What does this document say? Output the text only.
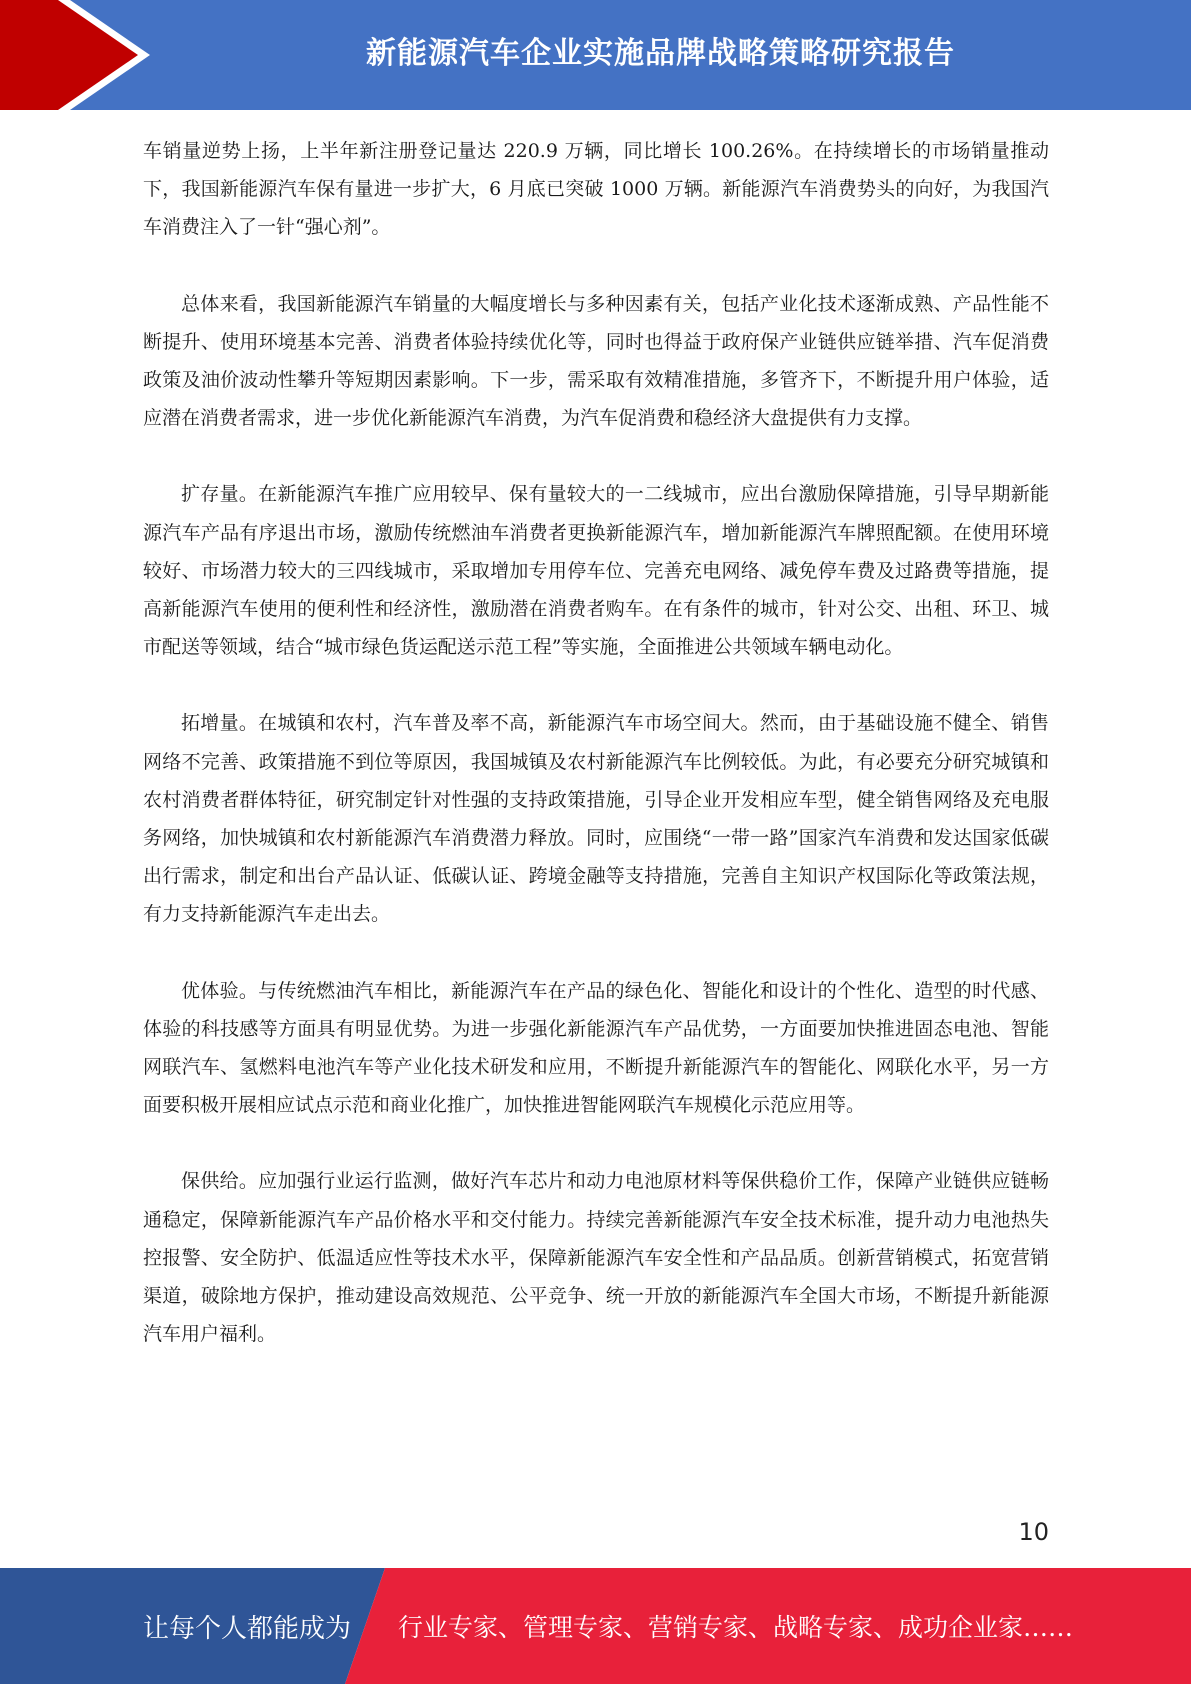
新能源汽车企业实施品牌战略策略研究报告

车销量逆势上扬，上半年新注册登记量达 220.9 万辆，同比增长 100.26%。在持续增长的市场销量推动下，我国新能源汽车保有量进一步扩大，6 月底已突破 1000 万辆。新能源汽车消费势头的向好，为我国汽车消费注入了一针“强心剂”。

总体来看，我国新能源汽车销量的大幅度增长与多种因素有关，包括产业化技术逐渐成熟、产品性能不断提升、使用环境基本完善、消费者体验持续优化等，同时也得益于政府保产业链供应链举措、汽车促消费政策及油价波动性攀升等短期因素影响。下一步，需采取有效精准措施，多管齐下，不断提升用户体验，适应潜在消费者需求，进一步优化新能源汽车消费，为汽车促消费和稳经济大盘提供有力支撑。

扩存量。在新能源汽车推广应用较早、保有量较大的一二线城市，应出台激励保障措施，引导早期新能源汽车产品有序退出市场，激励传统燃油车消费者更换新能源汽车，增加新能源汽车牌照配额。在使用环境较好、市场潜力较大的三四线城市，采取增加专用停车位、完善充电网络、减免停车费及过路费等措施，提高新能源汽车使用的便利性和经济性，激励潜在消费者购车。在有条件的城市，针对公交、出租、环卫、城市配送等领域，结合“城市绿色货运配送示范工程”等实施，全面推进公共领域车辆电动化。

拓增量。在城镇和农村，汽车普及率不高，新能源汽车市场空间大。然而，由于基础设施不健全、销售网络不完善、政策措施不到位等原因，我国城镇及农村新能源汽车比例较低。为此，有必要充分研究城镇和农村消费者群体特征，研究制定针对性强的支持政策措施，引导企业开发相应车型，健全销售网络及充电服务网络，加快城镇和农村新能源汽车消费潜力释放。同时，应围绕“一带一路”国家汽车消费和发达国家低碳出行需求，制定和出台产品认证、低碳认证、跨境金融等支持措施，完善自主知识产权国际化等政策法规，有力支持新能源汽车走出去。

优体验。与传统燃油汽车相比，新能源汽车在产品的绿色化、智能化和设计的个性化、造型的时代感、体验的科技感等方面具有明显优势。为进一步强化新能源汽车产品优势，一方面要加快推进固态电池、智能网联汽车、氢燃料电池汽车等产业化技术研发和应用，不断提升新能源汽车的智能化、网联化水平，另一方面要积极开展相应试点示范和商业化推广，加快推进智能网联汽车规模化示范应用等。

保供给。应加强行业运行监测，做好汽车芯片和动力电池原材料等保供稳价工作，保障产业链供应链畅通稳定，保障新能源汽车产品价格水平和交付能力。持续完善新能源汽车安全技术标准，提升动力电池热失控报警、安全防护、低温适应性等技术水平，保障新能源汽车安全性和产品品质。创新营销模式，拓宽营销渠道，破除地方保护，推动建设高效规范、公平竞争、统一开放的新能源汽车全国大市场，不断提升新能源汽车用户福利。

10
让每个人都能成为 行业专家、管理专家、营销专家、战略专家、成功企业家……
